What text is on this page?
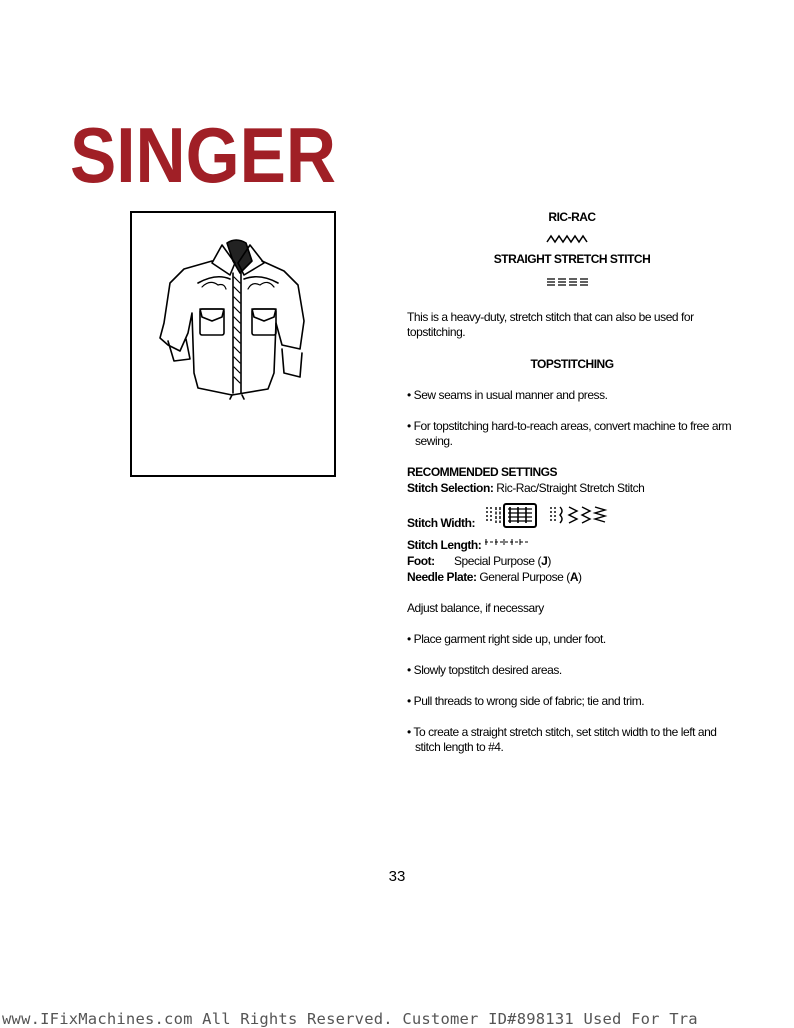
SINGER
RIC-RAC
STRAIGHT STRETCH STITCH
This is a heavy-duty, stretch stitch that can also be used for topstitching.
TOPSTITCHING
• Sew seams in usual manner and press.
• For topstitching hard-to-reach areas, convert machine to free arm sewing.
RECOMMENDED SETTINGS
Stitch Selection: Ric-Rac/Straight Stretch Stitch
Stitch Width:
Stitch Length:
Foot: Special Purpose (J)
Needle Plate: General Purpose (A)
Adjust balance, if necessary
• Place garment right side up, under foot.
• Slowly topstitch desired areas.
• Pull threads to wrong side of fabric; tie and trim.
• To create a straight stretch stitch, set stitch width to the left and stitch length to #4.
33
www.IFixMachines.com All Rights Reserved. Customer ID#898131 Used For Tra
